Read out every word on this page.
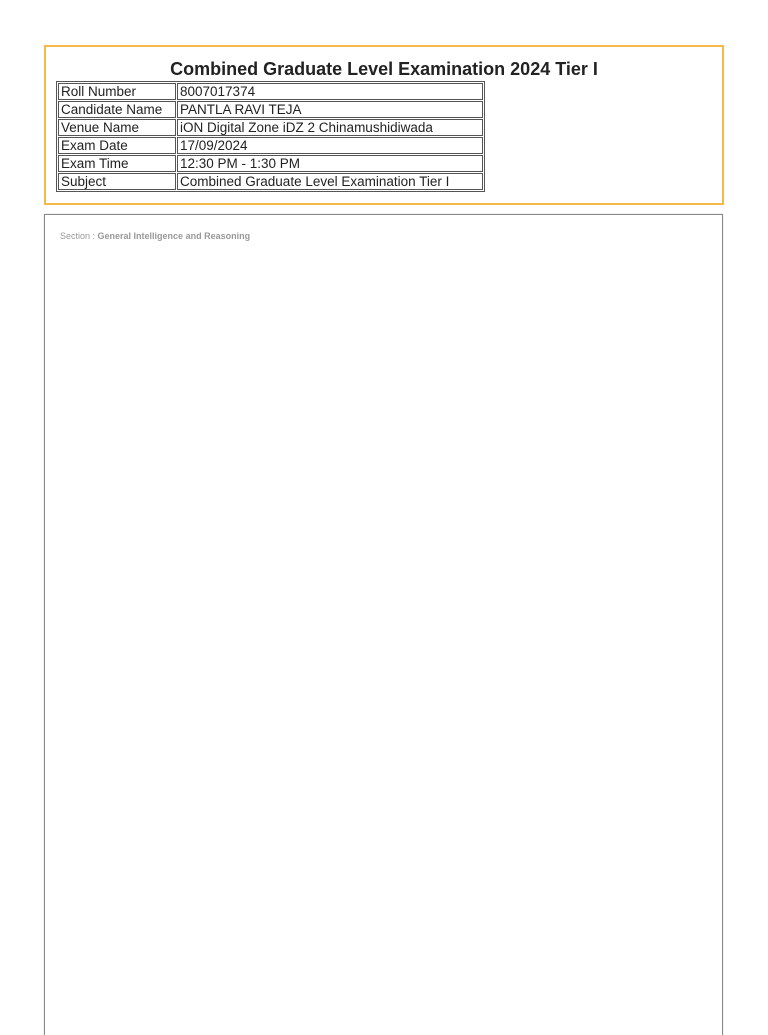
Combined Graduate Level Examination 2024 Tier I
Roll Number	8007017374
Candidate Name	PANTLA RAVI TEJA
Venue Name	iON Digital Zone iDZ 2 Chinamushidiwada
Exam Date	17/09/2024
Exam Time	12:30 PM - 1:30 PM
Subject	Combined Graduate Level Examination Tier I
Section : General Intelligence and Reasoning
